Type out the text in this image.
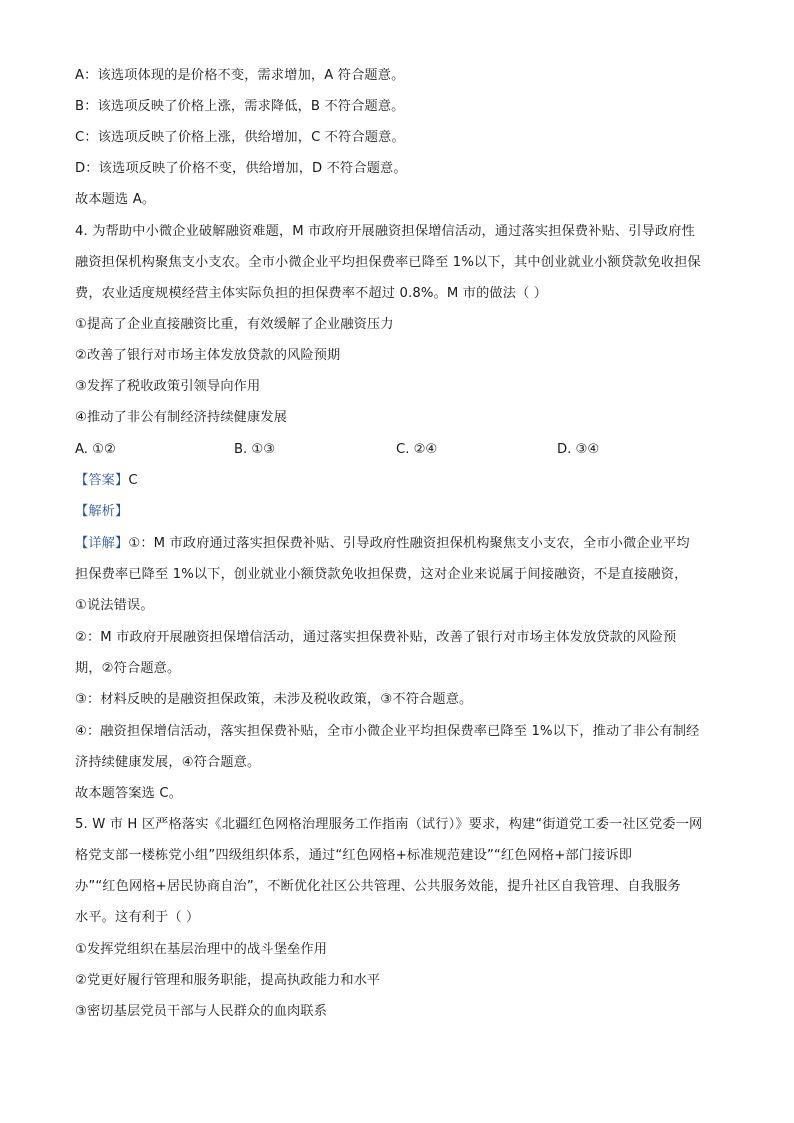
A：该选项体现的是价格不变，需求增加，A 符合题意。
B：该选项反映了价格上涨，需求降低，B 不符合题意。
C：该选项反映了价格上涨，供给增加，C 不符合题意。
D：该选项反映了价格不变，供给增加，D 不符合题意。
故本题选 A。
4. 为帮助中小微企业破解融资难题，M 市政府开展融资担保增信活动，通过落实担保费补贴、引导政府性
融资担保机构聚焦支小支农。全市小微企业平均担保费率已降至 1%以下，其中创业就业小额贷款免收担保
费，农业适度规模经营主体实际负担的担保费率不超过 0.8%。M 市的做法（ ）
①提高了企业直接融资比重，有效缓解了企业融资压力
②改善了银行对市场主体发放贷款的风险预期
③发挥了税收政策引领导向作用
④推动了非公有制经济持续健康发展
A. ①②	B. ①③	C. ②④	D. ③④
【答案】C
【解析】
【详解】①：M 市政府通过落实担保费补贴、引导政府性融资担保机构聚焦支小支农，全市小微企业平均
担保费率已降至 1%以下，创业就业小额贷款免收担保费，这对企业来说属于间接融资，不是直接融资，
①说法错误。
②：M 市政府开展融资担保增信活动，通过落实担保费补贴，改善了银行对市场主体发放贷款的风险预
期，②符合题意。
③：材料反映的是融资担保政策，未涉及税收政策，③不符合题意。
④：融资担保增信活动，落实担保费补贴，全市小微企业平均担保费率已降至 1%以下，推动了非公有制经
济持续健康发展，④符合题意。
故本题答案选 C。
5. W 市 H 区严格落实《北疆红色网格治理服务工作指南（试行）》要求，构建“街道党工委一社区党委一网
格党支部一楼栋党小组”四级组织体系，通过“红色网格+标准规范建设”“红色网格+部门接诉即
办”“红色网格+居民协商自治”，不断优化社区公共管理、公共服务效能，提升社区自我管理、自我服务
水平。这有利于（ ）
①发挥党组织在基层治理中的战斗堡垒作用
②党更好履行管理和服务职能，提高执政能力和水平
③密切基层党员干部与人民群众的血肉联系
